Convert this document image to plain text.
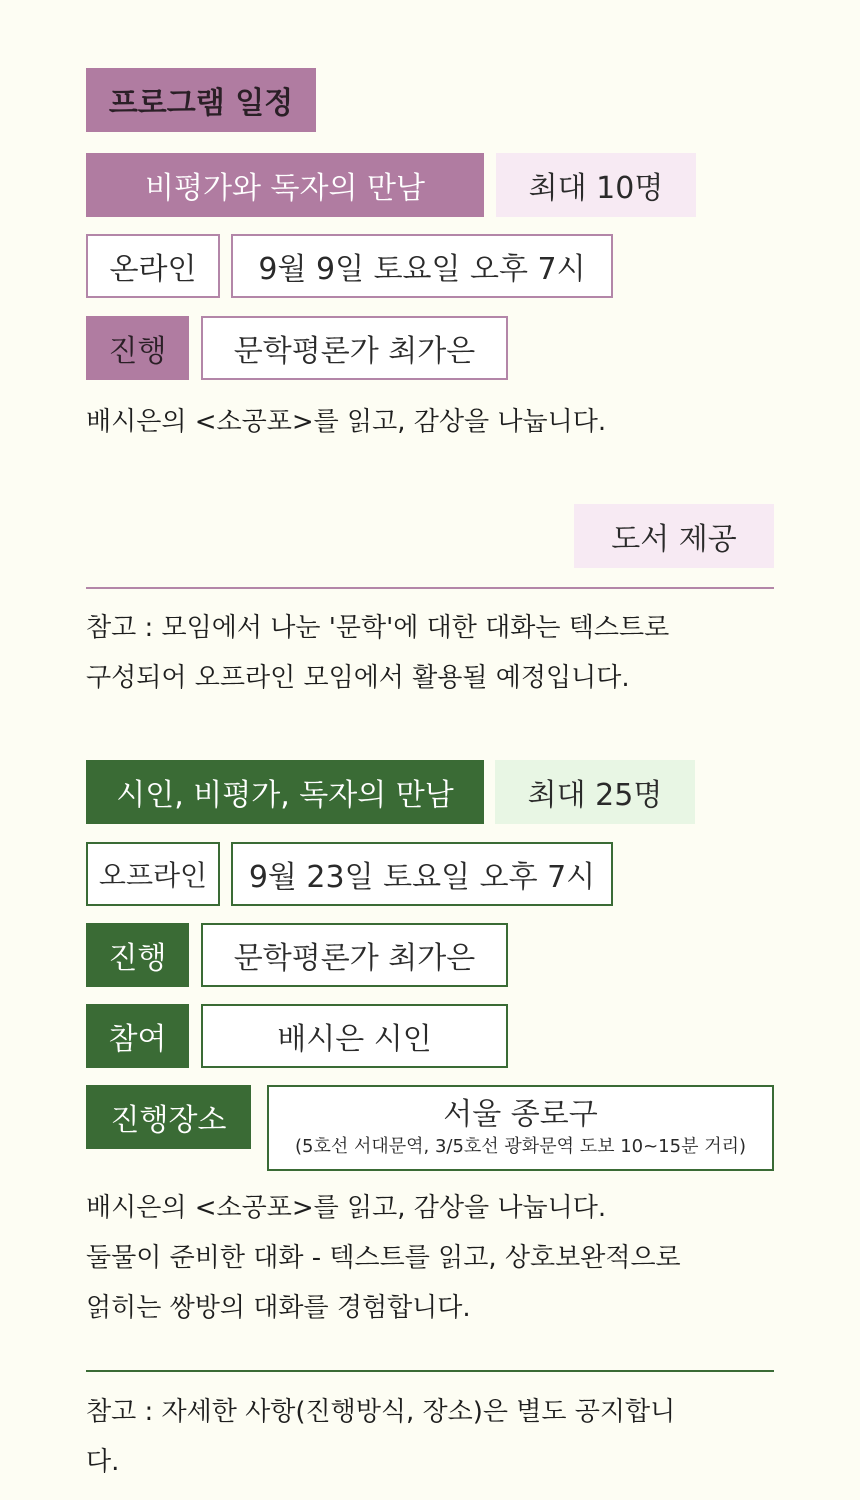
프로그램 일정
비평가와 독자의 만남	최대 10명
온라인	9월 9일 토요일 오후 7시
진행	문학평론가 최가은
배시은의 <소공포>를 읽고, 감상을 나눕니다.
도서 제공
참고 : 모임에서 나눈 '문학'에 대한 대화는 텍스트로
구성되어 오프라인 모임에서 활용될 예정입니다.
시인, 비평가, 독자의 만남	최대 25명
오프라인	9월 23일 토요일 오후 7시
진행	문학평론가 최가은
참여	배시은 시인
진행장소	서울 종로구
(5호선 서대문역, 3/5호선 광화문역 도보 10~15분 거리)
배시은의 <소공포>를 읽고, 감상을 나눕니다.
둘물이 준비한 대화 - 텍스트를 읽고, 상호보완적으로
얽히는 쌍방의 대화를 경험합니다.
참고 : 자세한 사항(진행방식, 장소)은 별도 공지합니
다.
